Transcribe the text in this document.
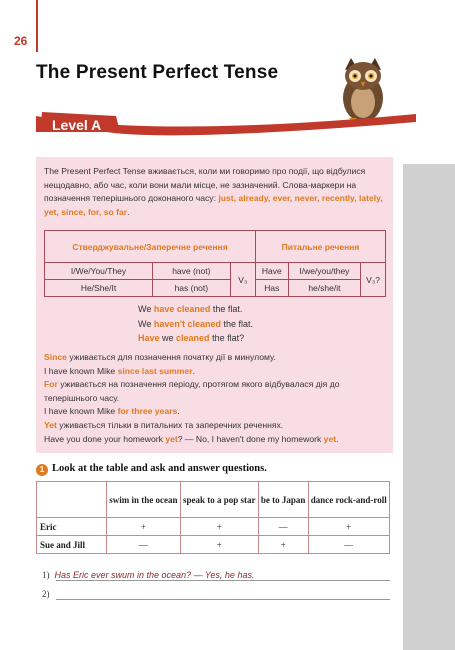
26
The Present Perfect Tense
Level A
The Present Perfect Tense вживається, коли ми говоримо про події, що відбулися нещодавно, або час, коли вони мали місце, не зазначений. Слова-маркери на позначення теперішнього доконаного часу: just, already, ever, never, recently, lately, yet, since, for, so far.
Стверджувальне/Заперечне речення			Питальне речення		
I/We/You/They	have (not)	V₃	Have	I/we/you/they	V₃?
He/She/It	has (not)		Has	he/she/it	
We have cleaned the flat.
We haven't cleaned the flat.
Have we cleaned the flat?
Since уживається для позначення початку дії в минулому.
I have known Mike since last summer.
For уживається на позначення періоду, протягом якого відбувалася дія до теперішнього часу.
I have known Mike for three years.
Yet уживається тільки в питальних та заперечних реченнях.
Have you done your homework yet? — No, I haven't done my homework yet.
1 Look at the table and ask and answer questions.
	swim in the ocean	speak to a pop star	be to Japan	dance rock-and-roll
Eric	+	+	—	+
Sue and Jill	—	+	+	—
1) Has Eric ever swum in the ocean? — Yes, he has.
2)
